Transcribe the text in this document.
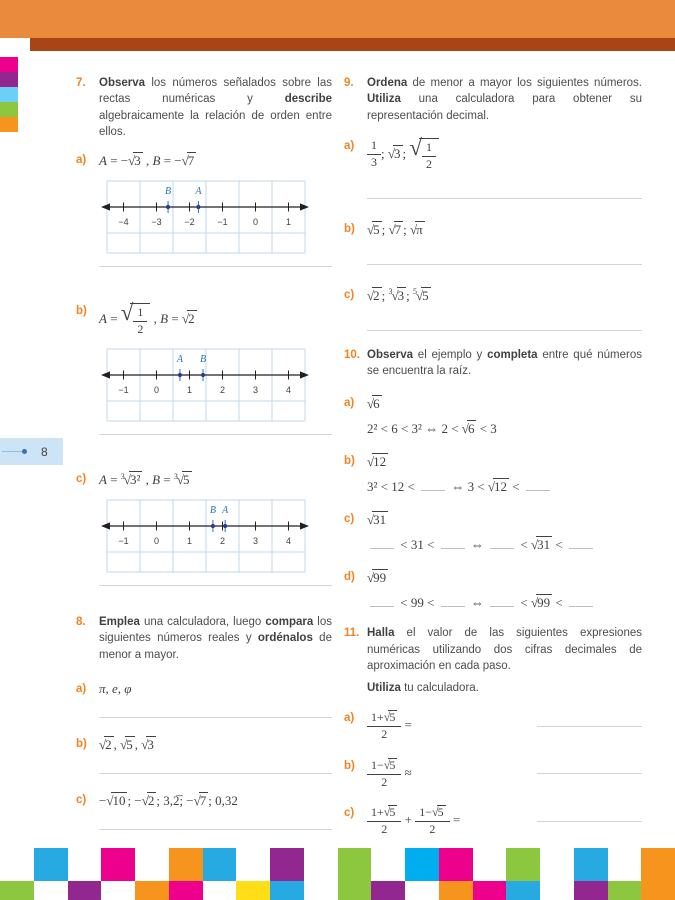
8
7.	Observa los números señalados sobre las rectas numéricas y describe algebraicamente la relación de orden entre ellos.
a) A = −√3 , B = −√7
−4	−3	−2	−1	0	1
B A
b) A = √ $\frac{1}{2}$ , B = √2
−1	0	1	2	3	4
A B
c) A = 3√3² , B = 3√5
−1	0	1	2	3	4
B A
8.	Emplea una calculadora, luego compara los siguientes números reales y ordénalos de menor a mayor.
a) π, e, φ
b) √2 , √5 , √3
c) −√10 ; −√2 ; 3,2̅; −√7 ; 0,32
9.	Ordena de menor a mayor los siguientes números. Utiliza una calculadora para obtener su representación decimal.
a)	$\frac{1}{3}$ ; √3 ; √ $\frac{1}{2}$
b) √5 ; √7 ; √π
c) √2 ; 3√3 ; 5√5
10. Observa el ejemplo y completa entre qué números se encuentra la raíz.
a) √6
2² < 6 < 3² ⇔ 2 < √6 < 3
b) √12
3² < 12 <  ⇔ 3 < √12 <
c) √31
< 31 <  ⇔  < √31 <
d) √99
< 99 <  ⇔  < √99 <
11. Halla el valor de las siguientes expresiones numéricas utilizando dos cifras decimales de aproximación en cada paso.
Utiliza tu calculadora.
a)	$\frac{1+√5}{2}$ =
b)	$\frac{1-√5}{2}$ ≈
c)	$\frac{1+√5}{2} + \frac{1-√5}{2}$ =
